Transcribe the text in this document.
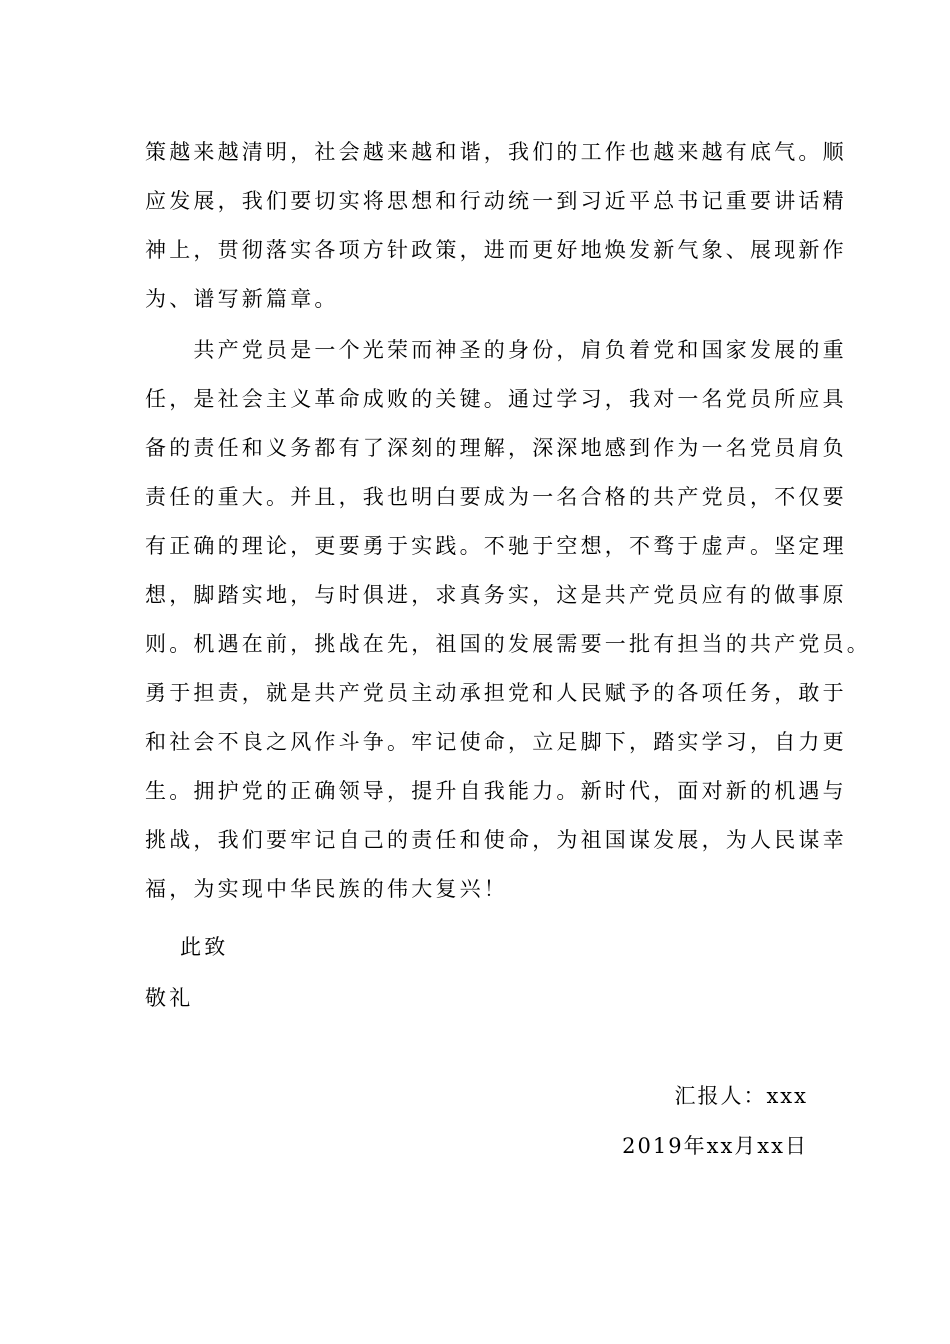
策越来越清明，社会越来越和谐，我们的工作也越来越有底气。顺
应发展，我们要切实将思想和行动统一到习近平总书记重要讲话精
神上，贯彻落实各项方针政策，进而更好地焕发新气象、展现新作
为、谱写新篇章。
　　共产党员是一个光荣而神圣的身份，肩负着党和国家发展的重
任，是社会主义革命成败的关键。通过学习，我对一名党员所应具
备的责任和义务都有了深刻的理解，深深地感到作为一名党员肩负
责任的重大。并且，我也明白要成为一名合格的共产党员，不仅要
有正确的理论，更要勇于实践。不驰于空想，不骛于虚声。坚定理
想，脚踏实地，与时俱进，求真务实，这是共产党员应有的做事原
则。机遇在前，挑战在先，祖国的发展需要一批有担当的共产党员。
勇于担责，就是共产党员主动承担党和人民赋予的各项任务，敢于
和社会不良之风作斗争。牢记使命，立足脚下，踏实学习，自力更
生。拥护党的正确领导，提升自我能力。新时代，面对新的机遇与
挑战，我们要牢记自己的责任和使命，为祖国谋发展，为人民谋幸
福，为实现中华民族的伟大复兴！
此致
敬礼
汇报人：xxx
2019年xx月xx日
